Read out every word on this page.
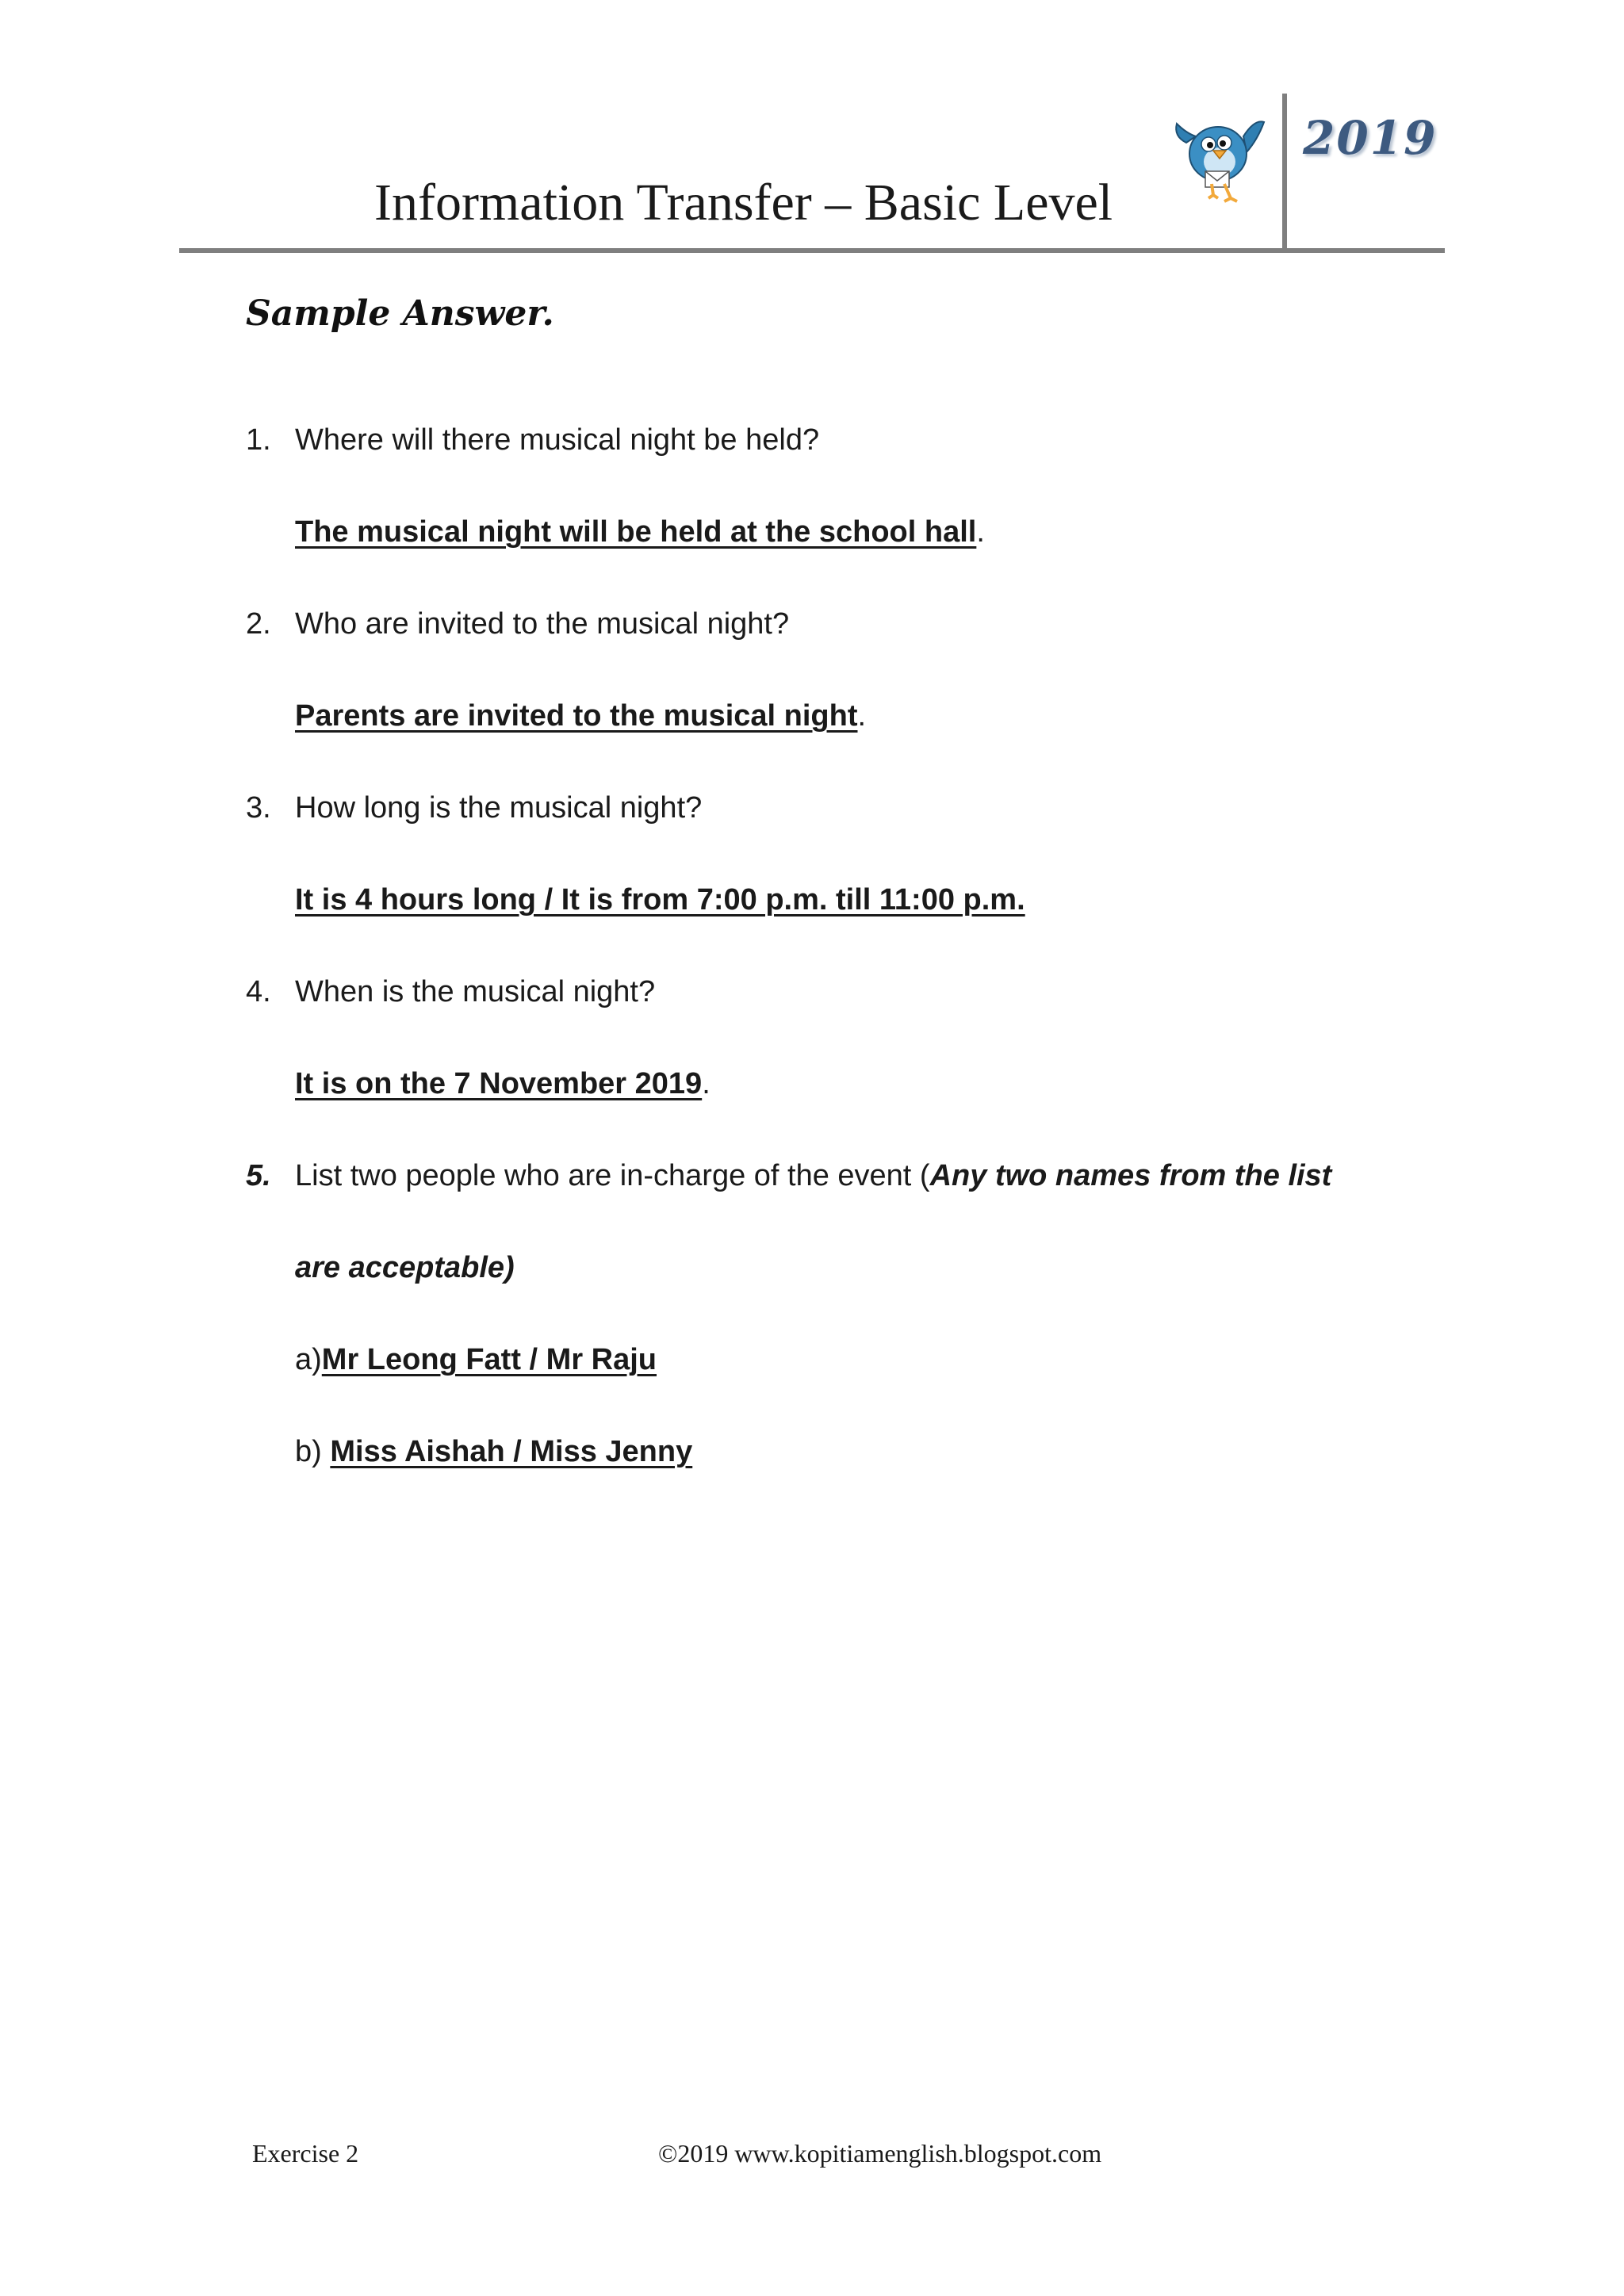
Information Transfer – Basic Level
2019
Sample Answer.
1. Where will there musical night be held?
The musical night will be held at the school hall.
2. Who are invited to the musical night?
Parents are invited to the musical night.
3. How long is the musical night?
It is 4 hours long / It is from 7:00 p.m. till 11:00 p.m.
4. When is the musical night?
It is on the 7 November 2019.
5. List two people who are in-charge of the event (Any two names from the list
are acceptable)
a)Mr Leong Fatt / Mr Raju
b) Miss Aishah / Miss Jenny
Exercise 2	©2019 www.kopitiamenglish.blogspot.com
